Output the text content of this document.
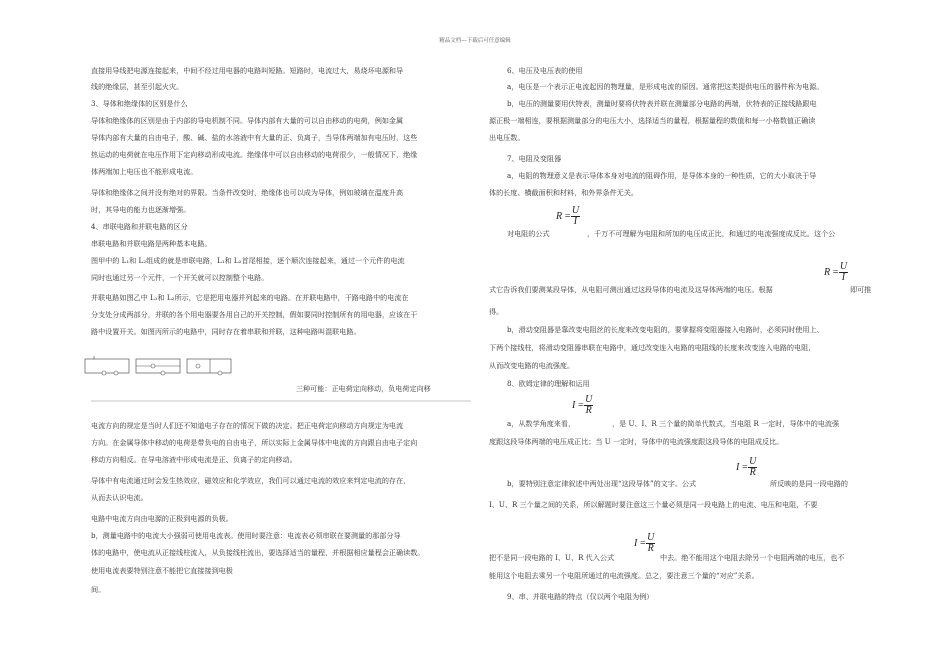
精品文档---下载后可任意编辑
直接用导线把电源连接起来，中间不经过用电器的电路叫短路。短路时，电流过大，易烧坏电源和导
线的绝缘层，甚至引起火灾。
3、导体和绝缘体的区别是什么
导体和绝缘体的区别是由于内部的导电机制不同。导体内部有大量的可以自由移动的电荷，例如金属
导体内部有大量的自由电子，酸、碱、盐的水溶液中有大量的正、负离子，当导体两端加有电压时，这些
热运动的电荷就在电压作用下定向移动形成电流。绝缘体中可以自由移动的电荷很少，一般情况下，绝缘
体两端加上电压也不能形成电流。
导体和绝缘体之间并没有绝对的界限。当条件改变时，绝缘体也可以成为导体，例如玻璃在温度升高
时，其导电的能力也逐渐增强。
4、串联电路和并联电路的区分
串联电路和并联电路是两种基本电路。
图甲中的 L₁和 L₂组成的就是串联电路，L₁和 L₂首尾相接，逐个顺次连接起来，通过一个元件的电流
同时也通过另一个元件，一个开关就可以控制整个电路。
并联电路如图乙中 L₁和 L₂所示，它是把用电器并列起来的电路。在并联电路中，干路电路中的电流在
分支处分成两部分，并联的各个用电器要各用自己的开关控制，假如要同时控制所有的用电器，应该在干
路中设置开关。如图丙所示的电路中，同时存在着串联和并联，这种电路叫混联电路。
三种可能：正电荷定向移动，负电荷定向移
电流方向的规定是当时人们还不知道电子存在的情况下做的决定。把正电荷定向移动方向规定为电流
方向。在金属导体中移动的电荷是带负电的自由电子，所以实际上金属导体中电流的方向跟自由电子定向
移动方向相反。在导电溶液中形成电流是正、负离子的定向移动。
导体中有电流通过时会发生热效应，磁效应和化学效应，我们可以通过电流的效应来判定电流的存在，
从而去认识电流。
电路中电流方向由电源的正极到电源的负极。
b，测量电路中的电流大小强弱可使用电流表。使用时要注意：电流表必须串联在要测量的那部分导
体的电路中，使电流从正接线柱流入，从负接线柱流出，要选择适当的量程，并根据相应量程会正确读数。
使用电流表要特别注意不能把它直接接到电极
间。
6、电压及电压表的使用
a，电压是一个表示正电流起因的物理量，是形成电流的原因。通常把这类提供电压的器件称为电源。
b，电压的测量要用伏特表，测量时要将伏特表并联在测量部分电路的两端，伏特表的正接线路跟电
源正极一端相连，要根据测量部分的电压大小，选择适当的量程，根据量程的数值和每一小格数值正确读
出电压数。
7、电阻及变阻器
a，电阻的物理意义是表示导体本身对电流的阻碍作用，是导体本身的一种性质，它的大小取决于导
体的长度、横截面积和材料，和外界条件无关。
$R = \frac{U}{I}$
对电阻的公式	，千万不可理解为电阻和所加的电压成正比，和通过的电流强度成反比。这个公
$R = \frac{U}{I}$
式它告诉我们要测某段导体，从电阻可测出通过这段导体的电流及这导体两端的电压。根据	即可推
得。
b，滑动变阻器是靠改变电阻丝的长度来改变电阻的，要掌握将变阻器接入电路时，必须同时使用上、
下两个接线柱，将滑动变阻器串联在电路中，通过改变连入电路的电阻线的长度来改变连入电路的电阻，
从而改变电路的电流强度。
8、欧姆定律的理解和运用
$I = \frac{U}{R}$
a，从数学角度来看，	，是 U、I、R 三个量的简单代数式，当电阻 R 一定时，导体中的电流强
度跟这段导体两端的电压成正比；当 U 一定时，导体中的电流强度跟这段导体的电阻成反比。
$I = \frac{U}{R}$
b，要特别注意定律叙述中两处出现“这段导体”的文字。公式	所反映的是同一段电路的
I、U、R 三个量之间的关系，所以解题时要注意这三个量必须是同一段电路上的电流、电压和电阻，不要
$I = \frac{U}{R}$
把不是同一段电路的 I、U、R 代入公式	中去。绝不能用这个电阻去除另一个电阻两端的电压，也不
能用这个电阻去乘另一个电阻所通过的电流强度。总之，要注意三个量的“对应”关系。
9、串、并联电路的特点（仅以两个电阻为例）
